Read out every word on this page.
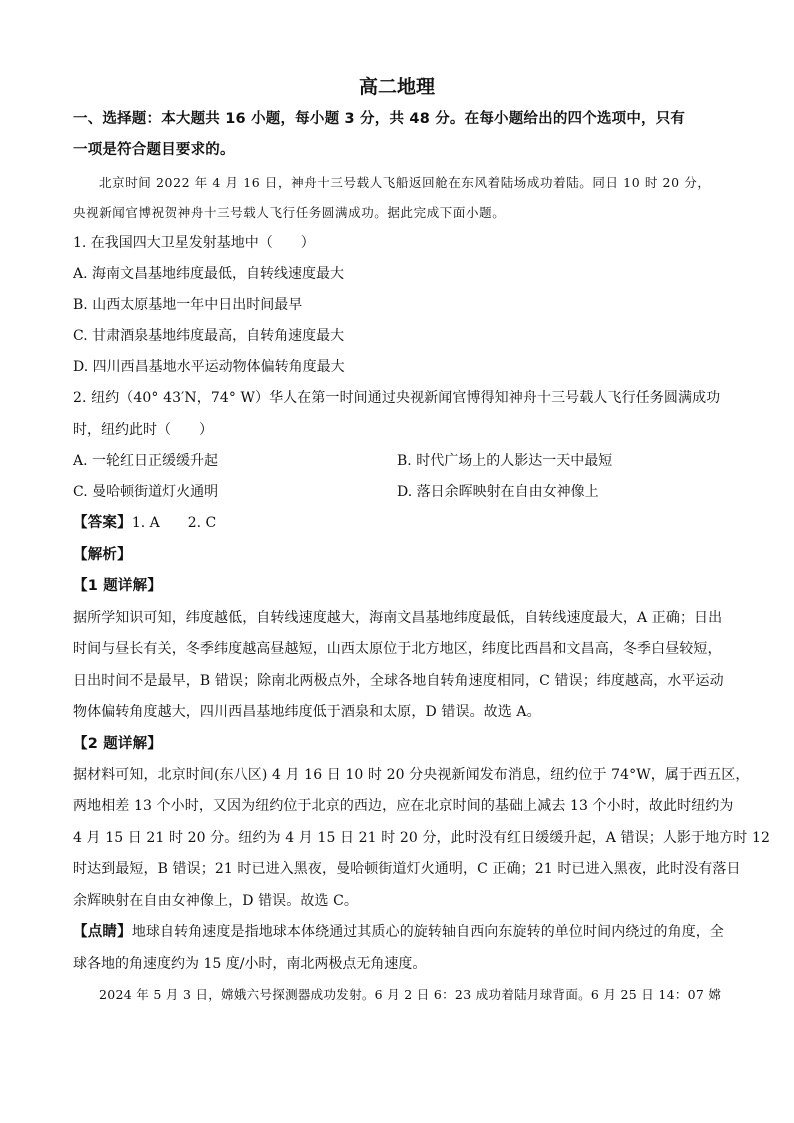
高二地理
一、选择题：本大题共 16 小题，每小题 3 分，共 48 分。在每小题给出的四个选项中，只有
一项是符合题目要求的。
北京时间 2022 年 4 月 16 日，神舟十三号载人飞船返回舱在东风着陆场成功着陆。同日 10 时 20 分，
央视新闻官博祝贺神舟十三号载人飞行任务圆满成功。据此完成下面小题。
1. 在我国四大卫星发射基地中（　　）
A. 海南文昌基地纬度最低，自转线速度最大
B. 山西太原基地一年中日出时间最早
C. 甘肃酒泉基地纬度最高，自转角速度最大
D. 四川西昌基地水平运动物体偏转角度最大
2. 纽约（40° 43′N，74° W）华人在第一时间通过央视新闻官博得知神舟十三号载人飞行任务圆满成功
时，纽约此时（　　）
A. 一轮红日正缓缓升起	B. 时代广场上的人影达一天中最短
C. 曼哈顿街道灯火通明	D. 落日余晖映射在自由女神像上
【答案】1. A　　2. C
【解析】
【1 题详解】
据所学知识可知，纬度越低，自转线速度越大，海南文昌基地纬度最低，自转线速度最大，A 正确；日出
时间与昼长有关，冬季纬度越高昼越短，山西太原位于北方地区，纬度比西昌和文昌高，冬季白昼较短，
日出时间不是最早，B 错误；除南北两极点外，全球各地自转角速度相同，C 错误；纬度越高，水平运动
物体偏转角度越大，四川西昌基地纬度低于酒泉和太原，D 错误。故选 A。
【2 题详解】
据材料可知，北京时间(东八区) 4 月 16 日 10 时 20 分央视新闻发布消息，纽约位于 74°W，属于西五区，
两地相差 13 个小时，又因为纽约位于北京的西边，应在北京时间的基础上减去 13 个小时，故此时纽约为
4 月 15 日 21 时 20 分。纽约为 4 月 15 日 21 时 20 分，此时没有红日缓缓升起，A 错误；人影于地方时 12
时达到最短，B 错误；21 时已进入黑夜，曼哈顿街道灯火通明，C 正确；21 时已进入黑夜，此时没有落日
余辉映射在自由女神像上，D 错误。故选 C。
【点睛】地球自转角速度是指地球本体绕通过其质心的旋转轴自西向东旋转的单位时间内绕过的角度，全
球各地的角速度约为 15 度/小时，南北两极点无角速度。
2024 年 5 月 3 日，嫦娥六号探测器成功发射。6 月 2 日 6：23 成功着陆月球背面。6 月 25 日 14：07 嫦
